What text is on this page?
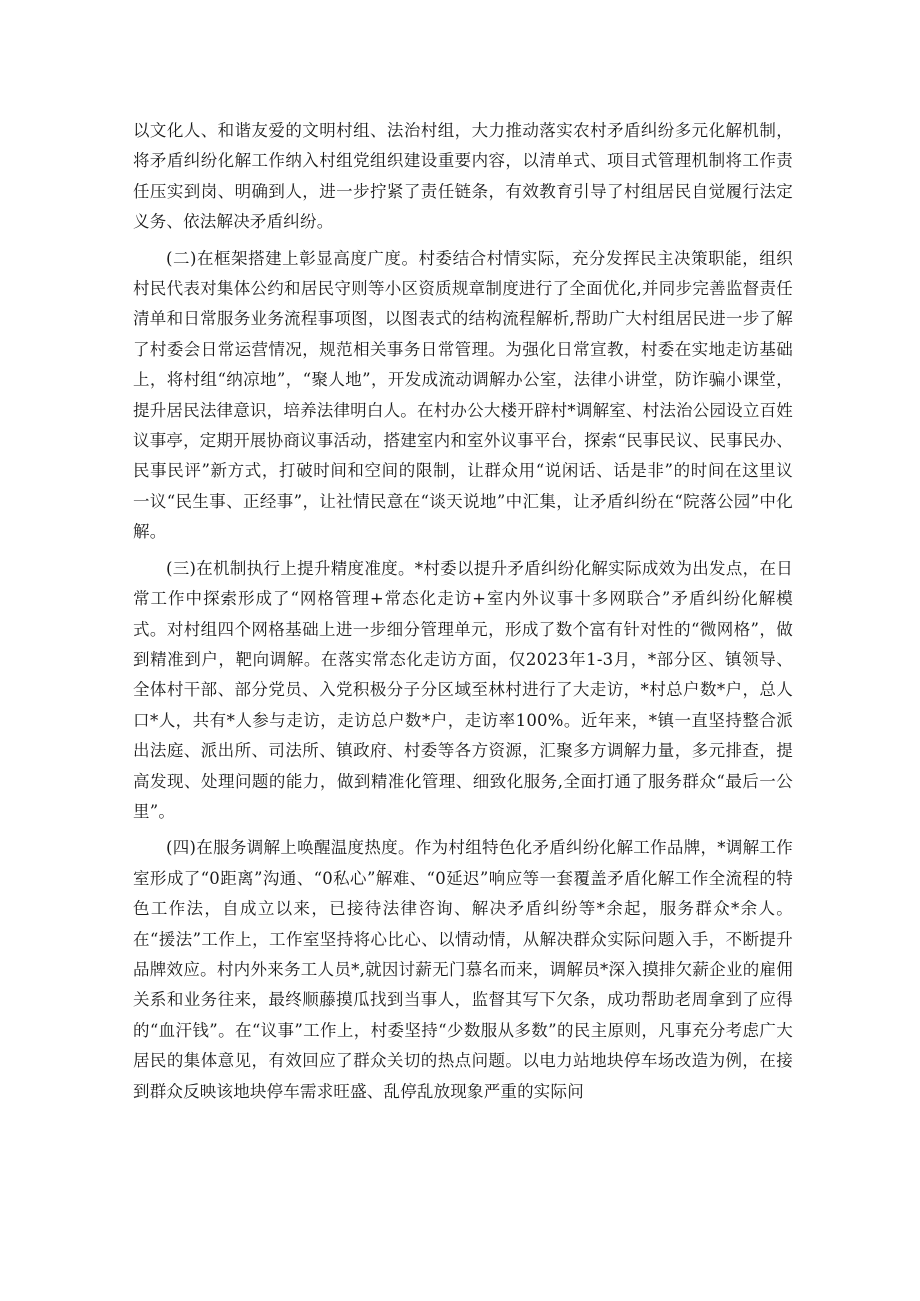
以文化人、和谐友爱的文明村组、法治村组，大力推动落实农村矛盾纠纷多元化解机制，将矛盾纠纷化解工作纳入村组党组织建设重要内容，以清单式、项目式管理机制将工作责任压实到岗、明确到人，进一步拧紧了责任链条，有效教育引导了村组居民自觉履行法定义务、依法解决矛盾纠纷。

(二)在框架搭建上彰显高度广度。村委结合村情实际，充分发挥民主决策职能，组织村民代表对集体公约和居民守则等小区资质规章制度进行了全面优化,并同步完善监督责任清单和日常服务业务流程事项图，以图表式的结构流程解析,帮助广大村组居民进一步了解了村委会日常运营情况，规范相关事务日常管理。为强化日常宣教，村委在实地走访基础上，将村组“纳凉地”，“聚人地”，开发成流动调解办公室，法律小讲堂，防诈骗小课堂，提升居民法律意识，培养法律明白人。在村办公大楼开辟村*调解室、村法治公园设立百姓议事亭，定期开展协商议事活动，搭建室内和室外议事平台，探索“民事民议、民事民办、民事民评”新方式，打破时间和空间的限制，让群众用“说闲话、话是非”的时间在这里议一议“民生事、正经事”，让社情民意在“谈天说地”中汇集，让矛盾纠纷在“院落公园”中化解。

(三)在机制执行上提升精度准度。*村委以提升矛盾纠纷化解实际成效为出发点，在日常工作中探索形成了“网格管理+常态化走访+室内外议事十多网联合”矛盾纠纷化解模式。对村组四个网格基础上进一步细分管理单元，形成了数个富有针对性的“微网格”，做到精准到户，靶向调解。在落实常态化走访方面，仅2023年1-3月，*部分区、镇领导、全体村干部、部分党员、入党积极分子分区域至林村进行了大走访，*村总户数*户，总人口*人，共有*人参与走访，走访总户数*户，走访率100%。近年来，*镇一直坚持整合派出法庭、派出所、司法所、镇政府、村委等各方资源，汇聚多方调解力量，多元排查，提高发现、处理问题的能力，做到精准化管理、细致化服务,全面打通了服务群众“最后一公里”。

(四)在服务调解上唤醒温度热度。作为村组特色化矛盾纠纷化解工作品牌，*调解工作室形成了“0距离”沟通、“0私心”解难、“0延迟”响应等一套覆盖矛盾化解工作全流程的特色工作法，自成立以来，已接待法律咨询、解决矛盾纠纷等*余起，服务群众*余人。在“援法”工作上，工作室坚持将心比心、以情动情，从解决群众实际问题入手，不断提升品牌效应。村内外来务工人员*,就因讨薪无门慕名而来，调解员*深入摸排欠薪企业的雇佣关系和业务往来，最终顺藤摸瓜找到当事人，监督其写下欠条，成功帮助老周拿到了应得的“血汗钱”。在“议事”工作上，村委坚持“少数服从多数”的民主原则，凡事充分考虑广大居民的集体意见，有效回应了群众关切的热点问题。以电力站地块停车场改造为例，在接到群众反映该地块停车需求旺盛、乱停乱放现象严重的实际问
